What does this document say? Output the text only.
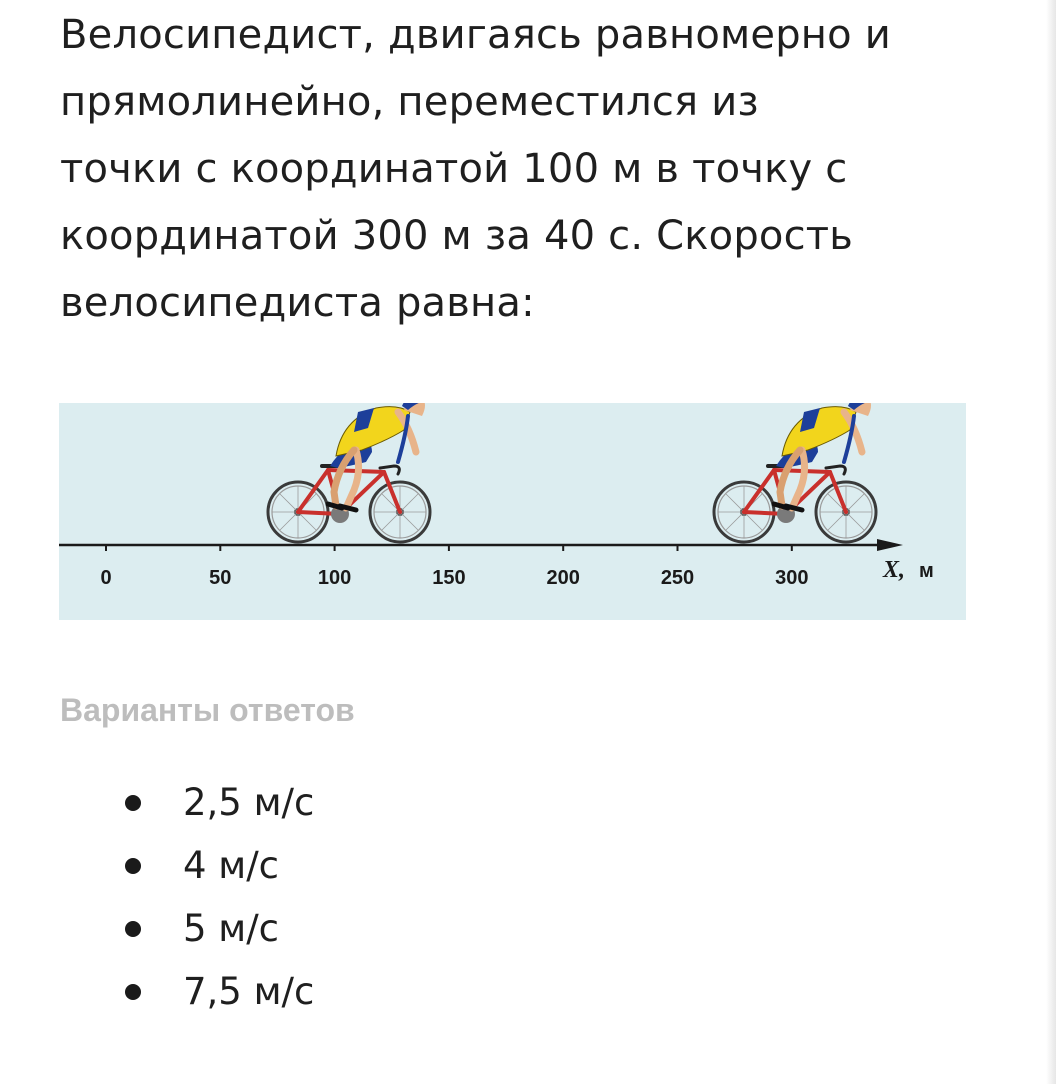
Велосипедист, двигаясь равномерно и
прямолинейно, переместился из
точки с координатой 100 м в точку с
координатой 300 м за 40 с. Скорость
велосипедиста равна:
0	50	100	150	200	250	300	X, м
Варианты ответов
2,5 м/с
4 м/с
5 м/с
7,5 м/с
